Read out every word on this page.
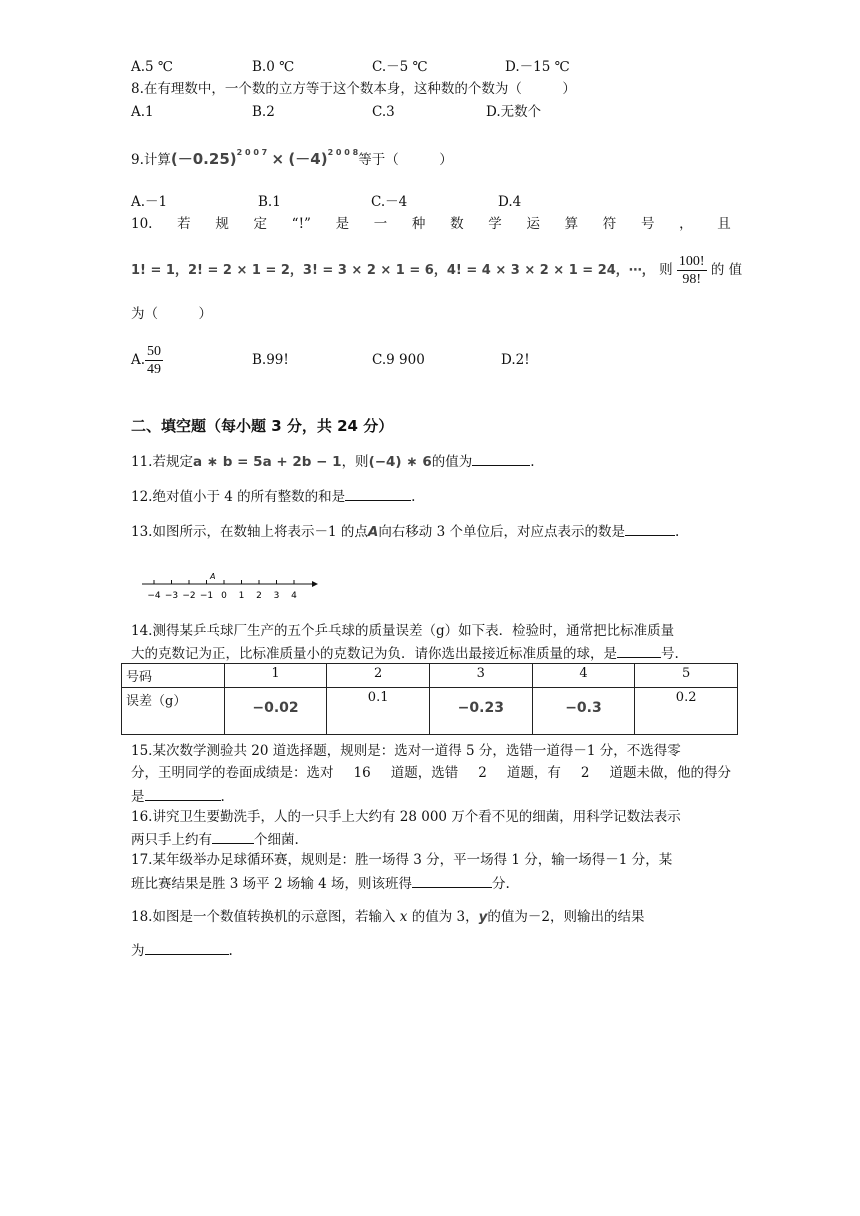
A.5 ℃	B.0 ℃	C.－5 ℃	D.－15 ℃
8.在有理数中，一个数的立方等于这个数本身，这种数的个数为（　　　）
A.1	B.2	C.3	D.无数个
9.计算$(-0.25)^{2 0 0 7} \times (-4)^{2 0 0 8}$等于（　　　）
A.－1	B.1	C.－4	D.4
10. 若 规 定 “!” 是 一 种 数 学 运 算 符 号 ， 且
1! = 1，2! = 2 × 1 = 2，3! = 3 × 2 × 1 = 6，4! = 4 × 3 × 2 × 1 = 24，⋯， 则 $\frac{100!}{98!}$ 的 值
为（　　　）
A. $\frac{50}{49}$	B.99!	C.9 900	D.2!
二、填空题（每小题 3 分，共 24 分）
11.若规定a ∗ b = 5a + 2b − 1，则(−4) ∗ 6的值为	.
12.绝对值小于 4 的所有整数的和是	.
13.如图所示，在数轴上将表示－1 的点A向右移动 3 个单位后，对应点表示的数是	.
A
−4 −3 −2 −1 0 1 2 3 4
14.测得某乒乓球厂生产的五个乒乓球的质量误差（g）如下表．检验时，通常把比标准质量
大的克数记为正，比标准质量小的克数记为负．请你选出最接近标准质量的球，是	号.
号码	1	2	3	4	5
误差（g）	−0.02	0.1	−0.23	−0.3	0.2
15.某次数学测验共 20 道选择题，规则是：选对一道得 5 分，选错一道得－1 分，不选得零
分，王明同学的卷面成绩是：选对 16 道题，选错 2 道题，有 2 道题未做，他的得分
是	.
16.讲究卫生要勤洗手，人的一只手上大约有 28 000 万个看不见的细菌，用科学记数法表示
两只手上约有	个细菌.
17.某年级举办足球循环赛，规则是：胜一场得 3 分，平一场得 1 分，输一场得－1 分，某
班比赛结果是胜 3 场平 2 场输 4 场，则该班得	分.
18.如图是一个数值转换机的示意图，若输入 x 的值为 3，y的值为－2，则输出的结果
为	.
